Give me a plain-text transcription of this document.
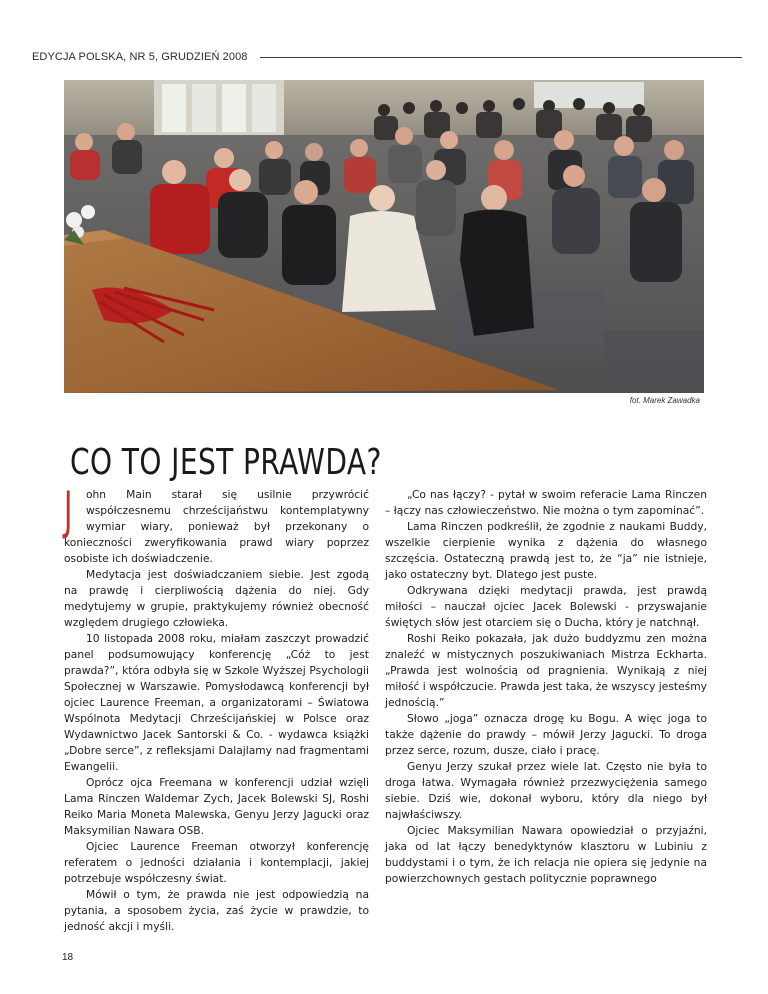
EDYCJA POLSKA, NR 5, GRUDZIEŃ 2008
fot. Marek Zawadka
CO TO JEST PRAWDA?

J ohn Main starał się usilnie przywrócić współczesnemu chrześcijaństwu kontemplatywny wymiar wiary, ponieważ był przekonany o konieczności zweryfikowania prawd wiary poprzez osobiste ich doświadczenie.

Medytacja jest doświadczaniem siebie. Jest zgodą na prawdę i cierpliwością dążenia do niej. Gdy medytujemy w grupie, praktykujemy również obecność względem drugiego człowieka.

10 listopada 2008 roku, miałam zaszczyt prowadzić panel podsumowujący konferencję „Cóż to jest prawda?”, która odbyła się w Szkole Wyższej Psychologii Społecznej w Warszawie. Pomysłodawcą konferencji był ojciec Laurence Freeman, a organizatorami – Światowa Wspólnota Medytacji Chrześcijańskiej w Polsce oraz Wydawnictwo Jacek Santorski & Co. - wydawca książki „Dobre serce”, z refleksjami Dalajlamy nad fragmentami Ewangelii.

Oprócz ojca Freemana w konferencji udział wzięli Lama Rinczen Waldemar Zych, Jacek Bolewski SJ, Roshi Reiko Maria Moneta Malewska, Genyu Jerzy Jagucki oraz Maksymilian Nawara OSB.

Ojciec Laurence Freeman otworzył konferencję referatem o jedności działania i kontemplacji, jakiej potrzebuje współczesny świat.

Mówił o tym, że prawda nie jest odpowiedzią na pytania, a sposobem życia, zaś życie w prawdzie, to jedność akcji i myśli.

„Co nas łączy? - pytał w swoim referacie Lama Rinczen – łączy nas człowieczeństwo. Nie można o tym zapominać”.

Lama Rinczen podkreślił, że zgodnie z naukami Buddy, wszelkie cierpienie wynika z dążenia do własnego szczęścia. Ostateczną prawdą jest to, że “ja” nie istnieje, jako ostateczny byt. Dlatego jest puste.

Odkrywana dzięki medytacji prawda, jest prawdą miłości – nauczał ojciec Jacek Bolewski - przyswajanie świętych słów jest otarciem się o Ducha, który je natchnął.

Roshi Reiko pokazała, jak dużo buddyzmu zen można znaleźć w mistycznych poszukiwaniach Mistrza Eckharta. „Prawda jest wolnością od pragnienia. Wynikają z niej miłość i współczucie. Prawda jest taka, że wszyscy jesteśmy jednością.”

Słowo „joga” oznacza drogę ku Bogu. A więc joga to także dążenie do prawdy – mówił Jerzy Jagucki. To droga przez serce, rozum, dusze, ciało i pracę.

Genyu Jerzy szukał przez wiele lat. Często nie była to droga łatwa. Wymagała również przezwyciężenia samego siebie. Dziś wie, dokonał wyboru, który dla niego był najwłaściwszy.

Ojciec Maksymilian Nawara opowiedział o przyjaźni, jaka od lat łączy benedyktynów klasztoru w Lubiniu z buddystami i o tym, że ich relacja nie opiera się jedynie na powierzchownych gestach politycznie poprawnego

18
